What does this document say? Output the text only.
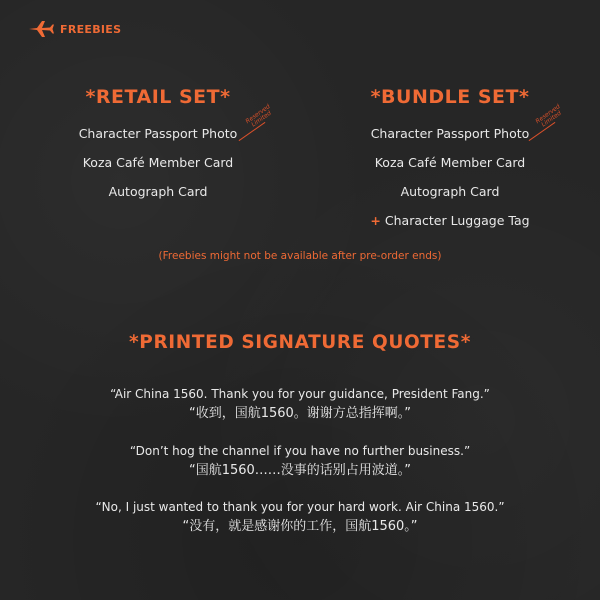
FREEBIES
*RETAIL SET*
Character Passport Photo
Reserved Limited
Koza Café Member Card
Autograph Card
*BUNDLE SET*
Character Passport Photo
Reserved Limited
Koza Café Member Card
Autograph Card
+ Character Luggage Tag
(Freebies might not be available after pre-order ends)
*PRINTED SIGNATURE QUOTES*
“Air China 1560. Thank you for your guidance, President Fang.”
“收到，国航1560。谢谢方总指挥啊。”
“Don’t hog the channel if you have no further business.”
“国航1560……没事的话别占用波道。”
“No, I just wanted to thank you for your hard work. Air China 1560.”
“没有，就是感谢你的工作，国航1560。”
